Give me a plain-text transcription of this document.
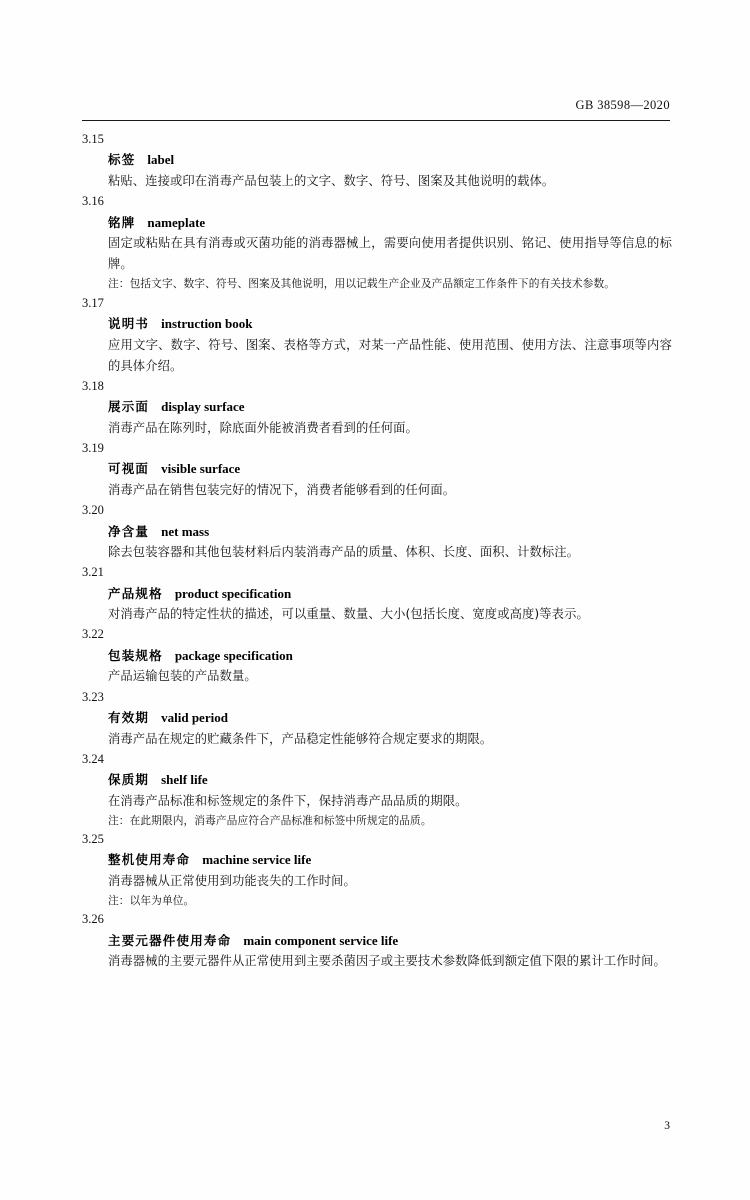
GB 38598—2020
3.15
标签 label
粘贴、连接或印在消毒产品包装上的文字、数字、符号、图案及其他说明的载体。
3.16
铭牌 nameplate
固定或粘贴在具有消毒或灭菌功能的消毒器械上，需要向使用者提供识别、铭记、使用指导等信息的标牌。
注：包括文字、数字、符号、图案及其他说明，用以记载生产企业及产品额定工作条件下的有关技术参数。
3.17
说明书 instruction book
应用文字、数字、符号、图案、表格等方式，对某一产品性能、使用范围、使用方法、注意事项等内容的具体介绍。
3.18
展示面 display surface
消毒产品在陈列时，除底面外能被消费者看到的任何面。
3.19
可视面 visible surface
消毒产品在销售包装完好的情况下，消费者能够看到的任何面。
3.20
净含量 net mass
除去包装容器和其他包装材料后内装消毒产品的质量、体积、长度、面积、计数标注。
3.21
产品规格 product specification
对消毒产品的特定性状的描述，可以重量、数量、大小(包括长度、宽度或高度)等表示。
3.22
包装规格 package specification
产品运输包装的产品数量。
3.23
有效期 valid period
消毒产品在规定的贮藏条件下，产品稳定性能够符合规定要求的期限。
3.24
保质期 shelf life
在消毒产品标准和标签规定的条件下，保持消毒产品品质的期限。
注：在此期限内，消毒产品应符合产品标准和标签中所规定的品质。
3.25
整机使用寿命 machine service life
消毒器械从正常使用到功能丧失的工作时间。
注：以年为单位。
3.26
主要元器件使用寿命 main component service life
消毒器械的主要元器件从正常使用到主要杀菌因子或主要技术参数降低到额定值下限的累计工作时间。
3
